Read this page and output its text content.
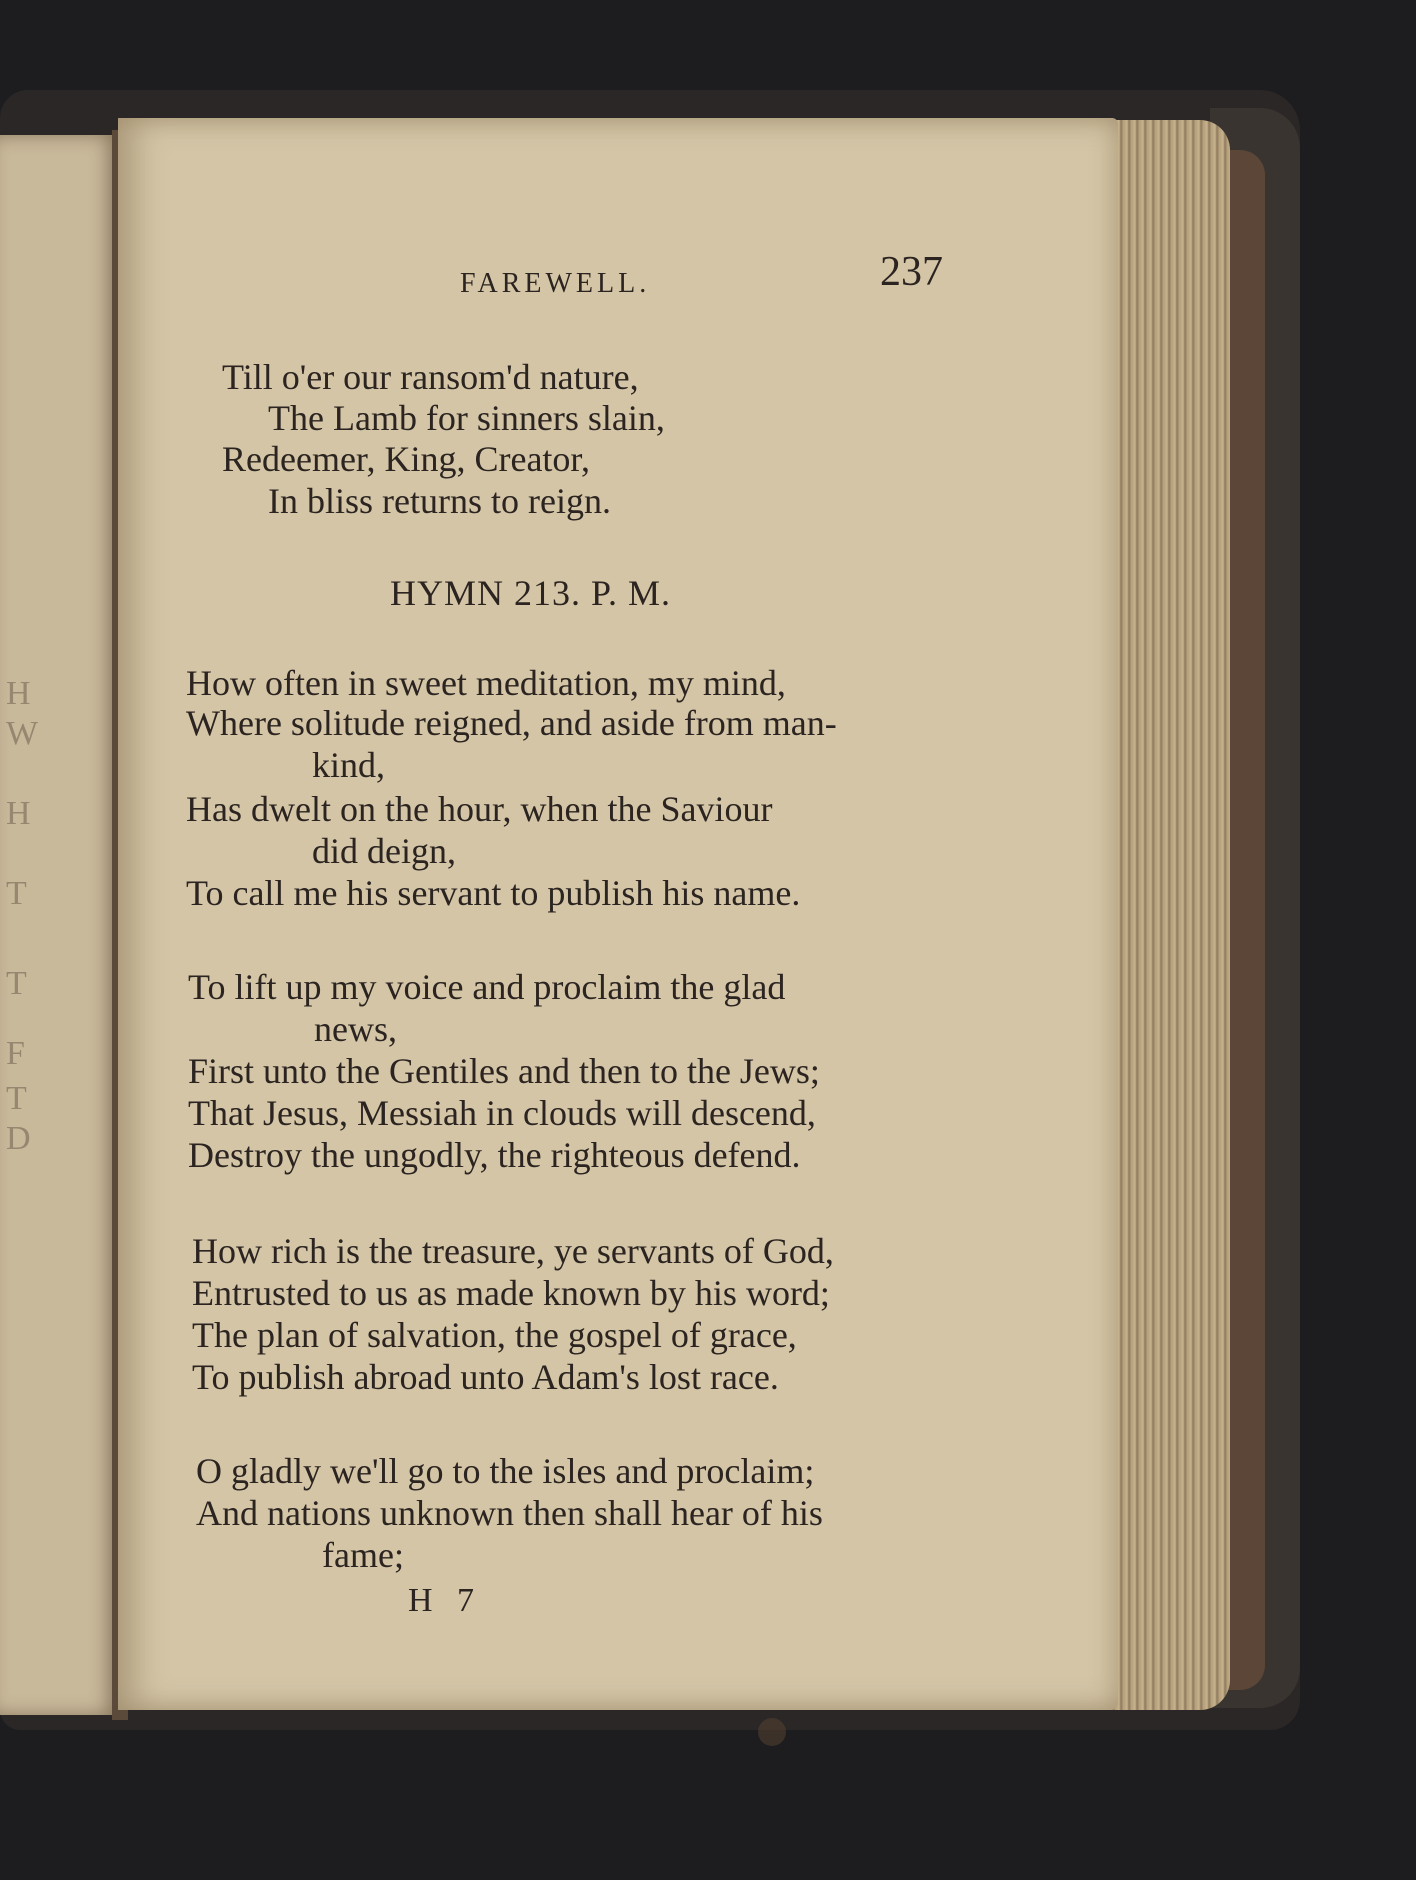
H
W
H
T
T
F
T
D
FAREWELL.	237
Till o'er our ransom'd nature,
The Lamb for sinners slain,
Redeemer, King, Creator,
In bliss returns to reign.
HYMN 213. P. M.
How often in sweet meditation, my mind,
Where solitude reigned, and aside from man-
kind,
Has dwelt on the hour, when the Saviour
did deign,
To call me his servant to publish his name.
To lift up my voice and proclaim the glad
news,
First unto the Gentiles and then to the Jews;
That Jesus, Messiah in clouds will descend,
Destroy the ungodly, the righteous defend.
How rich is the treasure, ye servants of God,
Entrusted to us as made known by his word;
The plan of salvation, the gospel of grace,
To publish abroad unto Adam's lost race.
O gladly we'll go to the isles and proclaim;
And nations unknown then shall hear of his
fame;
H 7
